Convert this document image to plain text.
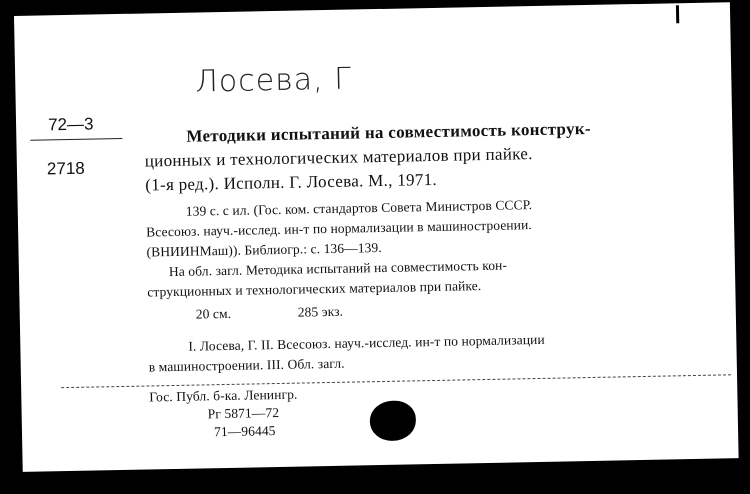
Лосева, Г
72—3
2718
Методики испытаний на совместимость конструк-
ционных и технологических материалов при пайке.
(1-я ред.). Исполн. Г. Лосева. М., 1971.
139 с. с ил. (Гос. ком. стандартов Совета Министров СССР.
Всесоюз. науч.-исслед. ин-т по нормализации в машиностроении.
(ВНИИНМаш)). Библиогр.: с. 136—139.
На обл. загл. Методика испытаний на совместимость кон-
струкционных и технологических материалов при пайке.
20 см.	285 экз.
I. Лосева, Г. II. Всесоюз. науч.-исслед. ин-т по нормализации
в машиностроении. III. Обл. загл.
Гос. Публ. б-ка. Ленингр.
Рг 5871—72
71—96445
